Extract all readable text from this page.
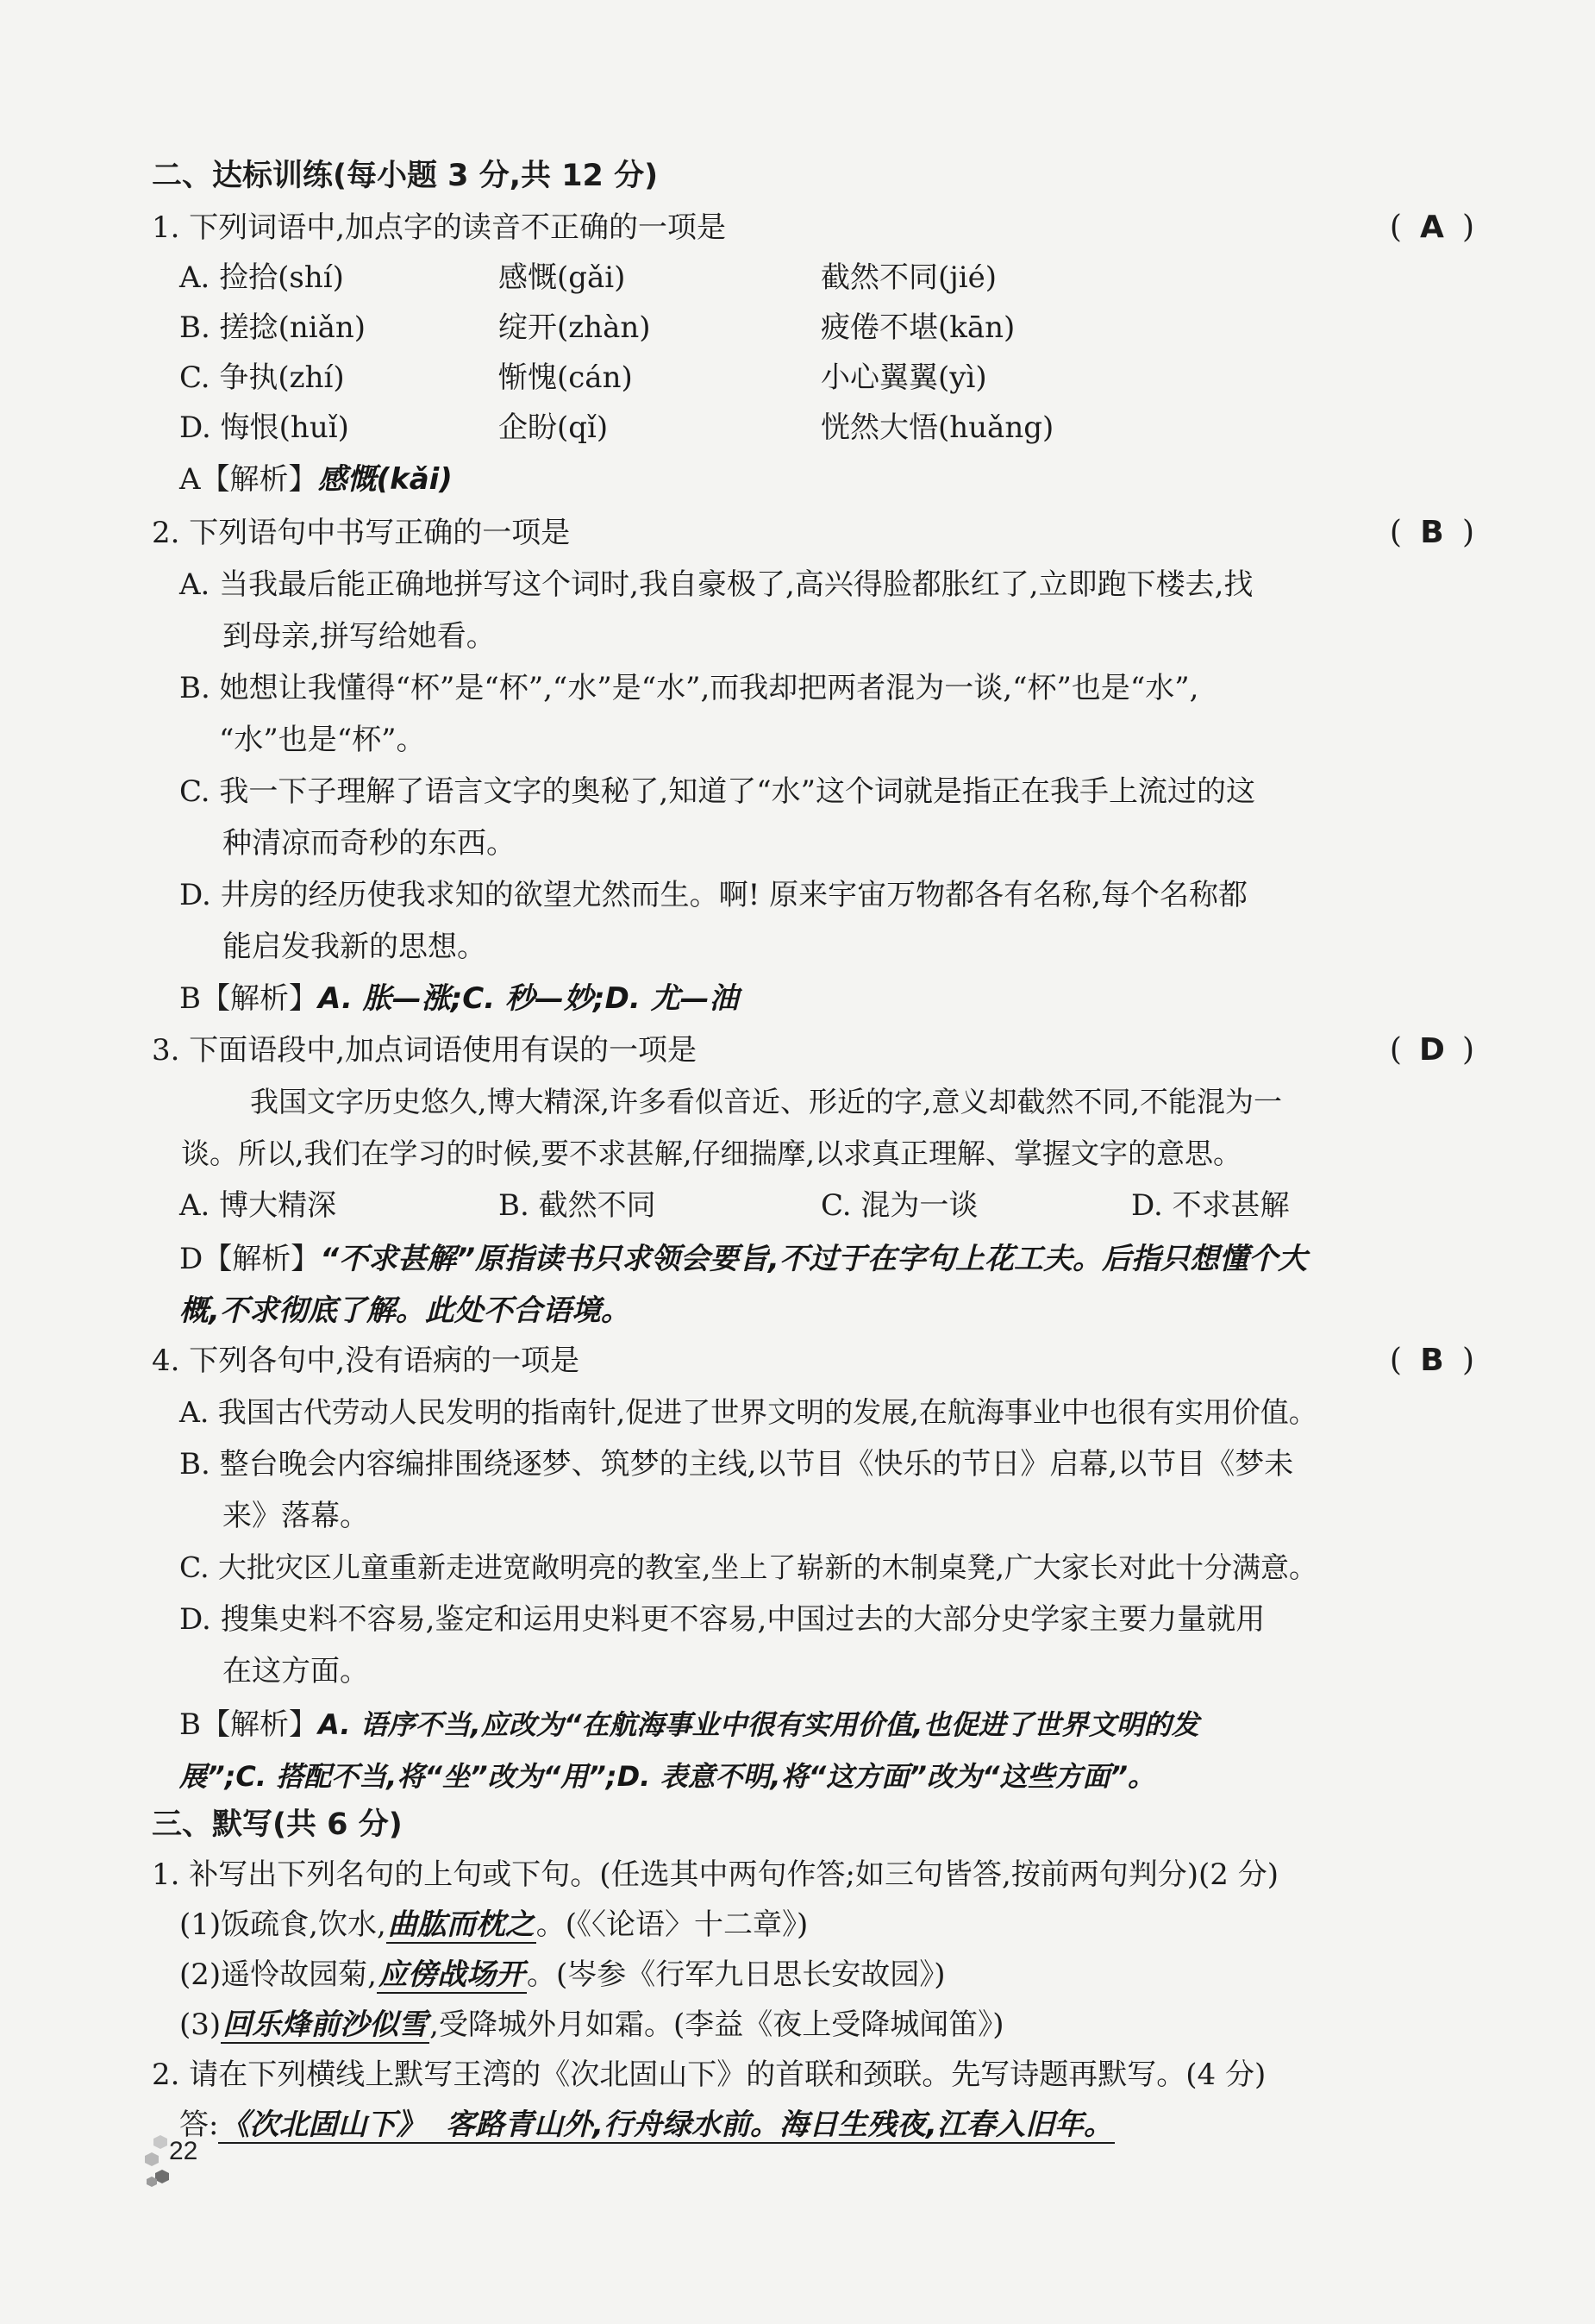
二、达标训练(每小题 3 分,共 12 分)
1. 下列词语中,加点字的读音不正确的一项是	( A )
A. 捡拾(shí)	感慨(gǎi)	截然不同(jié)
B. 搓捻(niǎn)	绽开(zhàn)	疲倦不堪(kān)
C. 争执(zhí)	惭愧(cán)	小心翼翼(yì)
D. 悔恨(huǐ)	企盼(qǐ)	恍然大悟(huǎng)
A【解析】感慨(kǎi)
2. 下列语句中书写正确的一项是	( B )
A. 当我最后能正确地拼写这个词时,我自豪极了,高兴得脸都胀红了,立即跑下楼去,找
到母亲,拼写给她看。
B. 她想让我懂得“杯”是“杯”,“水”是“水”,而我却把两者混为一谈,“杯”也是“水”,
“水”也是“杯”。
C. 我一下子理解了语言文字的奥秘了,知道了“水”这个词就是指正在我手上流过的这
种清凉而奇秒的东西。
D. 井房的经历使我求知的欲望尤然而生。啊! 原来宇宙万物都各有名称,每个名称都
能启发我新的思想。
B【解析】A. 胀—涨;C. 秒—妙;D. 尤—油
3. 下面语段中,加点词语使用有误的一项是	( D )
我国文字历史悠久,博大精深,许多看似音近、形近的字,意义却截然不同,不能混为一
谈。所以,我们在学习的时候,要不求甚解,仔细揣摩,以求真正理解、掌握文字的意思。
A. 博大精深	B. 截然不同	C. 混为一谈	D. 不求甚解
D【解析】“不求甚解”原指读书只求领会要旨,不过于在字句上花工夫。后指只想懂个大
概,不求彻底了解。此处不合语境。
4. 下列各句中,没有语病的一项是	( B )
A. 我国古代劳动人民发明的指南针,促进了世界文明的发展,在航海事业中也很有实用价值。
B. 整台晚会内容编排围绕逐梦、筑梦的主线,以节目《快乐的节日》启幕,以节目《梦未
来》落幕。
C. 大批灾区儿童重新走进宽敞明亮的教室,坐上了崭新的木制桌凳,广大家长对此十分满意。
D. 搜集史料不容易,鉴定和运用史料更不容易,中国过去的大部分史学家主要力量就用
在这方面。
B【解析】A. 语序不当,应改为“在航海事业中很有实用价值,也促进了世界文明的发
展”;C. 搭配不当,将“坐”改为“用”;D. 表意不明,将“这方面”改为“这些方面”。
三、默写(共 6 分)
1. 补写出下列名句的上句或下句。(任选其中两句作答;如三句皆答,按前两句判分)(2 分)
(1)饭疏食,饮水,曲肱而枕之。(《〈论语〉十二章》)
(2)遥怜故园菊,应傍战场开。(岑参《行军九日思长安故园》)
(3)回乐烽前沙似雪,受降城外月如霜。(李益《夜上受降城闻笛》)
2. 请在下列横线上默写王湾的《次北固山下》的首联和颈联。先写诗题再默写。(4 分)
答:《次北固山下》  客路青山外,行舟绿水前。海日生残夜,江春入旧年。
22
